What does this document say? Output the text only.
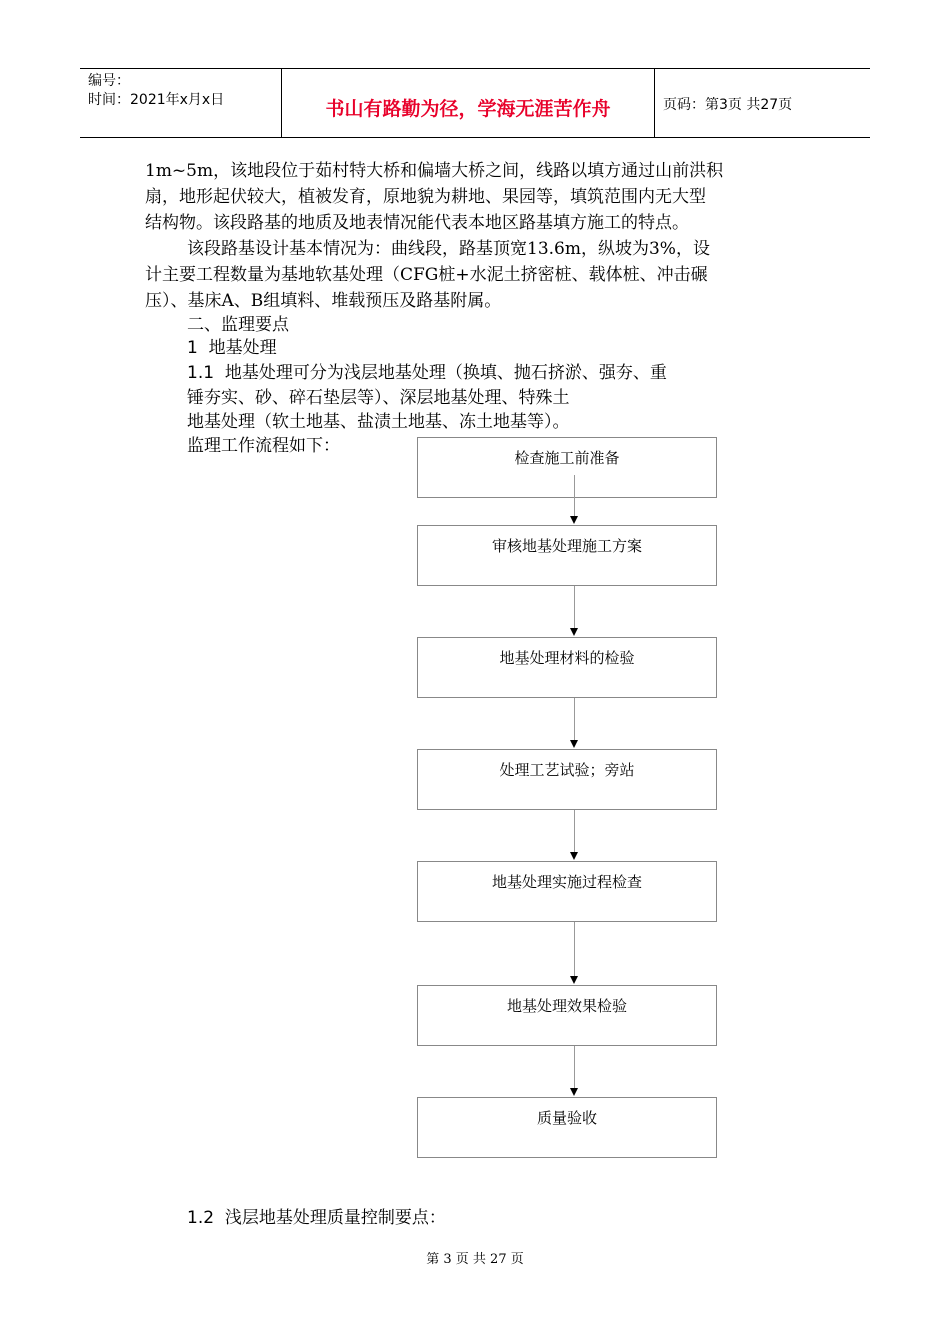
编号：
时间：2021年x月x日	书山有路勤为径，学海无涯苦作舟	页码：第3页 共27页
1m~5m，该地段位于茹村特大桥和偏墙大桥之间，线路以填方通过山前洪积
扇，地形起伏较大，植被发育，原地貌为耕地、果园等，填筑范围内无大型
结构物。该段路基的地质及地表情况能代表本地区路基填方施工的特点。
该段路基设计基本情况为：曲线段，路基顶宽13.6m，纵坡为3%，设
计主要工程数量为基地软基处理（CFG桩+水泥土挤密桩、载体桩、冲击碾
压）、基床A、B组填料、堆载预压及路基附属。
二、监理要点
1 地基处理
1.1 地基处理可分为浅层地基处理（换填、抛石挤淤、强夯、重
锤夯实、砂、碎石垫层等）、深层地基处理、特殊土
地基处理（软土地基、盐渍土地基、冻土地基等）。
监理工作流程如下：
检查施工前准备
审核地基处理施工方案
地基处理材料的检验
处理工艺试验；旁站
地基处理实施过程检查
地基处理效果检验
质量验收
1.2 浅层地基处理质量控制要点：
第 3 页 共 27 页
